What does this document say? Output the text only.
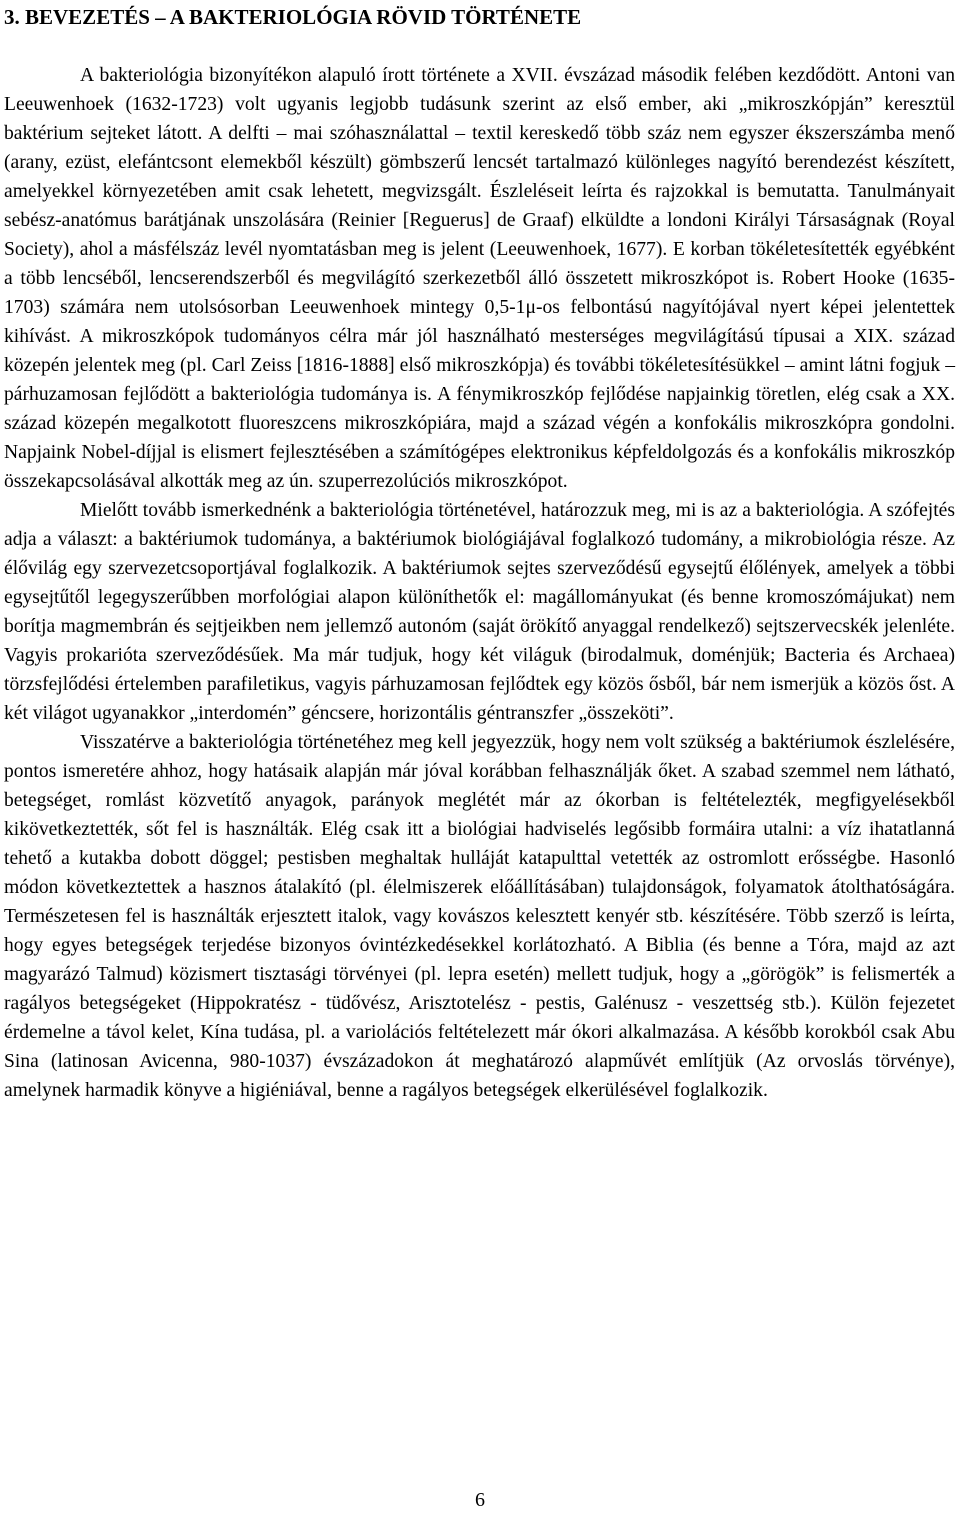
3. BEVEZETÉS – A BAKTERIOLÓGIA RÖVID TÖRTÉNETE

A bakteriológia bizonyítékon alapuló írott története a XVII. évszázad második felében kezdődött. Antoni van Leeuwenhoek (1632-1723) volt ugyanis legjobb tudásunk szerint az első ember, aki „mikroszkópján” keresztül baktérium sejteket látott. A delfti – mai szóhasználattal – textil kereskedő több száz nem egyszer ékszerszámba menő (arany, ezüst, elefántcsont elemekből készült) gömbszerű lencsét tartalmazó különleges nagyító berendezést készített, amelyekkel környezetében amit csak lehetett, megvizsgált. Észleléseit leírta és rajzokkal is bemutatta. Tanulmányait sebész-anatómus barátjának unszolására (Reinier [Reguerus] de Graaf) elküldte a londoni Királyi Társaságnak (Royal Society), ahol a másfélszáz levél nyomtatásban meg is jelent (Leeuwenhoek, 1677). E korban tökéletesítették egyébként a több lencséből, lencserendszerből és megvilágító szerkezetből álló összetett mikroszkópot is. Robert Hooke (1635-1703) számára nem utolsósorban Leeuwenhoek mintegy 0,5-1μ-os felbontású nagyítójával nyert képei jelentettek kihívást. A mikroszkópok tudományos célra már jól használható mesterséges megvilágítású típusai a XIX. század közepén jelentek meg (pl. Carl Zeiss [1816-1888] első mikroszkópja) és további tökéletesítésükkel – amint látni fogjuk – párhuzamosan fejlődött a bakteriológia tudománya is. A fénymikroszkóp fejlődése napjainkig töretlen, elég csak a XX. század közepén megalkotott fluoreszcens mikroszkópiára, majd a század végén a konfokális mikroszkópra gondolni. Napjaink Nobel-díjjal is elismert fejlesztésében a számítógépes elektronikus képfeldolgozás és a konfokális mikroszkóp összekapcsolásával alkották meg az ún. szuperrezolúciós mikroszkópot.

Mielőtt tovább ismerkednénk a bakteriológia történetével, határozzuk meg, mi is az a bakteriológia. A szófejtés adja a választ: a baktériumok tudománya, a baktériumok biológiájával foglalkozó tudomány, a mikrobiológia része. Az élővilág egy szervezetcsoportjával foglalkozik. A baktériumok sejtes szerveződésű egysejtű élőlények, amelyek a többi egysejtűtől legegyszerűbben morfológiai alapon különíthetők el: magállományukat (és benne kromoszómájukat) nem borítja magmembrán és sejtjeikben nem jellemző autonóm (saját örökítő anyaggal rendelkező) sejtszervecskék jelenléte. Vagyis prokarióta szerveződésűek. Ma már tudjuk, hogy két világuk (birodalmuk, doménjük; Bacteria és Archaea) törzsfejlődési értelemben parafiletikus, vagyis párhuzamosan fejlődtek egy közös ősből, bár nem ismerjük a közös őst. A két világot ugyanakkor „interdomén” géncsere, horizontális géntranszfer „összeköti”.

Visszatérve a bakteriológia történetéhez meg kell jegyezzük, hogy nem volt szükség a baktériumok észlelésére, pontos ismeretére ahhoz, hogy hatásaik alapján már jóval korábban felhasználják őket. A szabad szemmel nem látható, betegséget, romlást közvetítő anyagok, parányok meglétét már az ókorban is feltételezték, megfigyelésekből kikövetkeztették, sőt fel is használták. Elég csak itt a biológiai hadviselés legősibb formáira utalni: a víz ihatatlanná tehető a kutakba dobott döggel; pestisben meghaltak hulláját katapulttal vetették az ostromlott erősségbe. Hasonló módon következtettek a hasznos átalakító (pl. élelmiszerek előállításában) tulajdonságok, folyamatok átolthatóságára. Természetesen fel is használták erjesztett italok, vagy kovászos kelesztett kenyér stb. készítésére. Több szerző is leírta, hogy egyes betegségek terjedése bizonyos óvintézkedésekkel korlátozható. A Biblia (és benne a Tóra, majd az azt magyarázó Talmud) közismert tisztasági törvényei (pl. lepra esetén) mellett tudjuk, hogy a „görögök” is felismerték a ragályos betegségeket (Hippokratész - tüdővész, Arisztotelész - pestis, Galénusz - veszettség stb.). Külön fejezetet érdemelne a távol kelet, Kína tudása, pl. a variolációs feltételezett már ókori alkalmazása. A később korokból csak Abu Sina (latinosan Avicenna, 980-1037) évszázadokon át meghatározó alapművét említjük (Az orvoslás törvénye), amelynek harmadik könyve a higiéniával, benne a ragályos betegségek elkerülésével foglalkozik.

6
